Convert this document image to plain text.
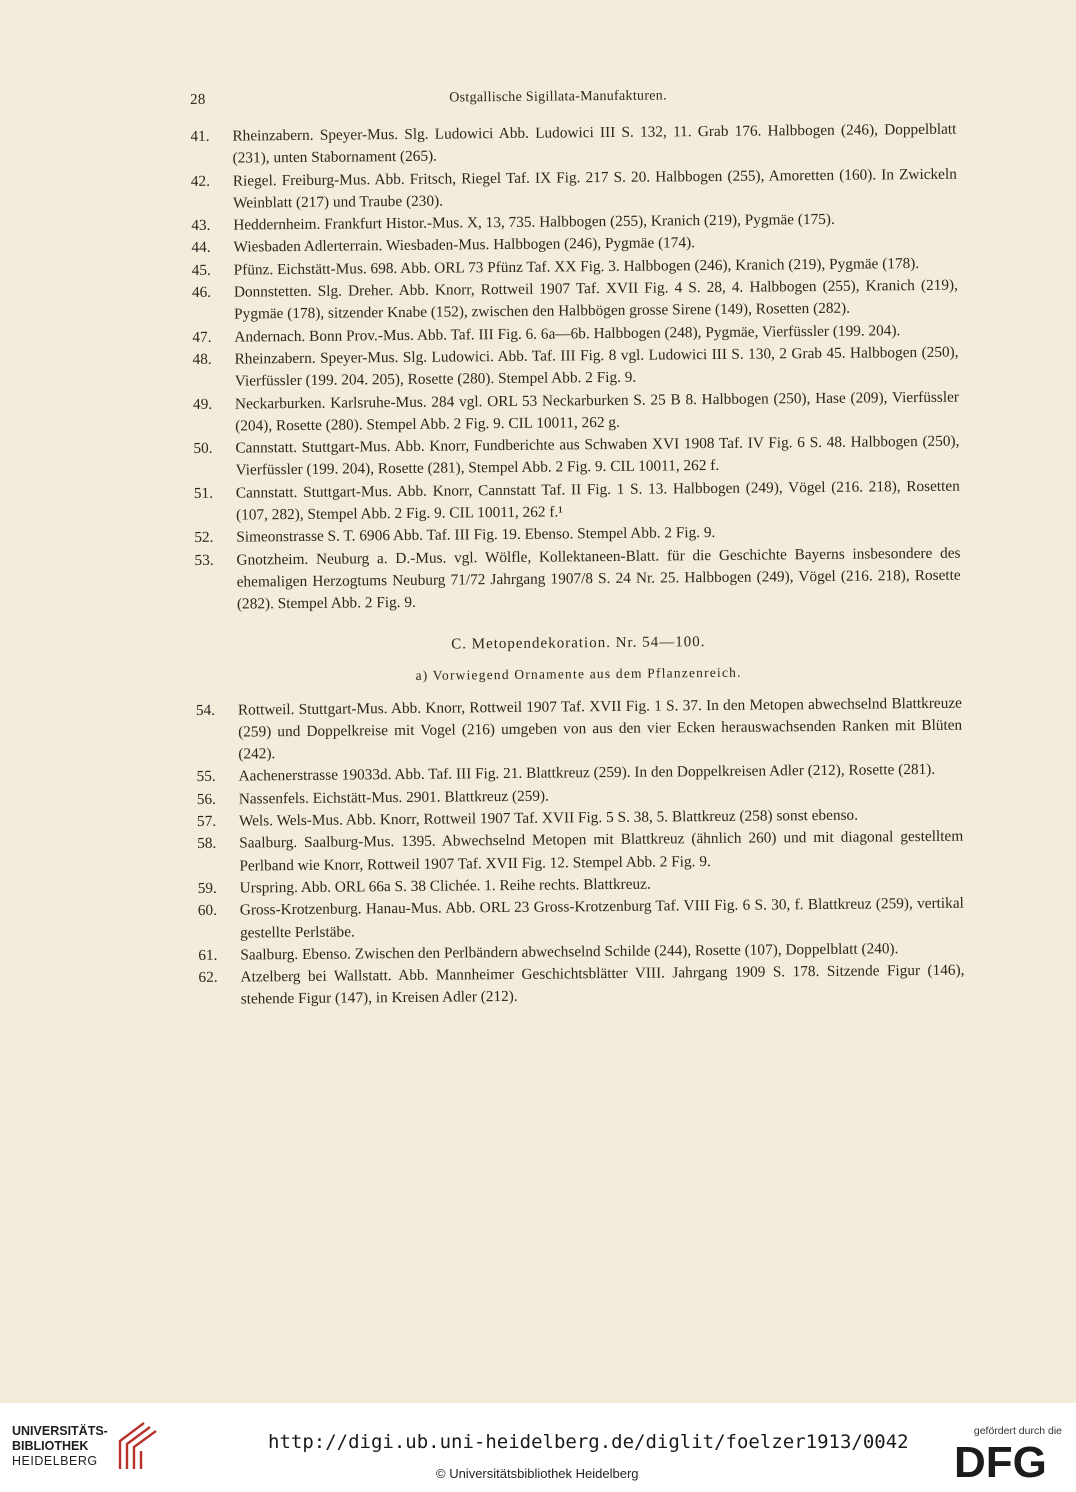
28	Ostgallische Sigillata-Manufakturen.
41.	Rheinzabern. Speyer-Mus. Slg. Ludowici Abb. Ludowici III S. 132, 11. Grab 176. Halbbogen (246), Doppelblatt (231), unten Stabornament (265).
42.	Riegel. Freiburg-Mus. Abb. Fritsch, Riegel Taf. IX Fig. 217 S. 20. Halbbogen (255), Amoretten (160). In Zwickeln Weinblatt (217) und Traube (230).
43.	Heddernheim. Frankfurt Histor.-Mus. X, 13, 735. Halbbogen (255), Kranich (219), Pygmäe (175).
44.	Wiesbaden Adlerterrain. Wiesbaden-Mus. Halbbogen (246), Pygmäe (174).
45.	Pfünz. Eichstätt-Mus. 698. Abb. ORL 73 Pfünz Taf. XX Fig. 3. Halbbogen (246), Kranich (219), Pygmäe (178).
46.	Donnstetten. Slg. Dreher. Abb. Knorr, Rottweil 1907 Taf. XVII Fig. 4 S. 28, 4. Halbbogen (255), Kranich (219), Pygmäe (178), sitzender Knabe (152), zwischen den Halbbögen grosse Sirene (149), Rosetten (282).
47.	Andernach. Bonn Prov.-Mus. Abb. Taf. III Fig. 6. 6a—6b. Halbbogen (248), Pygmäe, Vierfüssler (199. 204).
48.	Rheinzabern. Speyer-Mus. Slg. Ludowici. Abb. Taf. III Fig. 8 vgl. Ludowici III S. 130, 2 Grab 45. Halbbogen (250), Vierfüssler (199. 204. 205), Rosette (280). Stempel Abb. 2 Fig. 9.
49.	Neckarburken. Karlsruhe-Mus. 284 vgl. ORL 53 Neckarburken S. 25 B 8. Halbbogen (250), Hase (209), Vierfüssler (204), Rosette (280). Stempel Abb. 2 Fig. 9. CIL 10011, 262 g.
50.	Cannstatt. Stuttgart-Mus. Abb. Knorr, Fundberichte aus Schwaben XVI 1908 Taf. IV Fig. 6 S. 48. Halbbogen (250), Vierfüssler (199. 204), Rosette (281), Stempel Abb. 2 Fig. 9. CIL 10011, 262 f.
51.	Cannstatt. Stuttgart-Mus. Abb. Knorr, Cannstatt Taf. II Fig. 1 S. 13. Halbbogen (249), Vögel (216. 218), Rosetten (107, 282), Stempel Abb. 2 Fig. 9. CIL 10011, 262 f.¹
52.	Simeonstrasse S. T. 6906 Abb. Taf. III Fig. 19. Ebenso. Stempel Abb. 2 Fig. 9.
53.	Gnotzheim. Neuburg a. D.-Mus. vgl. Wölfle, Kollektaneen-Blatt. für die Geschichte Bayerns insbesondere des ehemaligen Herzogtums Neuburg 71/72 Jahrgang 1907/8 S. 24 Nr. 25. Halbbogen (249), Vögel (216. 218), Rosette (282). Stempel Abb. 2 Fig. 9.
C. Metopendekoration. Nr. 54—100.
a) Vorwiegend Ornamente aus dem Pflanzenreich.
54.	Rottweil. Stuttgart-Mus. Abb. Knorr, Rottweil 1907 Taf. XVII Fig. 1 S. 37. In den Metopen abwechselnd Blattkreuze (259) und Doppelkreise mit Vogel (216) umgeben von aus den vier Ecken herauswachsenden Ranken mit Blüten (242).
55.	Aachenerstrasse 19033d. Abb. Taf. III Fig. 21. Blattkreuz (259). In den Doppelkreisen Adler (212), Rosette (281).
56.	Nassenfels. Eichstätt-Mus. 2901. Blattkreuz (259).
57.	Wels. Wels-Mus. Abb. Knorr, Rottweil 1907 Taf. XVII Fig. 5 S. 38, 5. Blattkreuz (258) sonst ebenso.
58.	Saalburg. Saalburg-Mus. 1395. Abwechselnd Metopen mit Blattkreuz (ähnlich 260) und mit diagonal gestelltem Perlband wie Knorr, Rottweil 1907 Taf. XVII Fig. 12. Stempel Abb. 2 Fig. 9.
59.	Urspring. Abb. ORL 66a S. 38 Clichée. 1. Reihe rechts. Blattkreuz.
60.	Gross-Krotzenburg. Hanau-Mus. Abb. ORL 23 Gross-Krotzenburg Taf. VIII Fig. 6 S. 30, f. Blattkreuz (259), vertikal gestellte Perlstäbe.
61.	Saalburg. Ebenso. Zwischen den Perlbändern abwechselnd Schilde (244), Rosette (107), Doppelblatt (240).
62.	Atzelberg bei Wallstatt. Abb. Mannheimer Geschichtsblätter VIII. Jahrgang 1909 S. 178. Sitzende Figur (146), stehende Figur (147), in Kreisen Adler (212).
UNIVERSITÄTS-
BIBLIOTHEK
HEIDELBERG
http://digi.ub.uni-heidelberg.de/diglit/foelzer1913/0042
© Universitätsbibliothek Heidelberg
gefördert durch die
DFG
